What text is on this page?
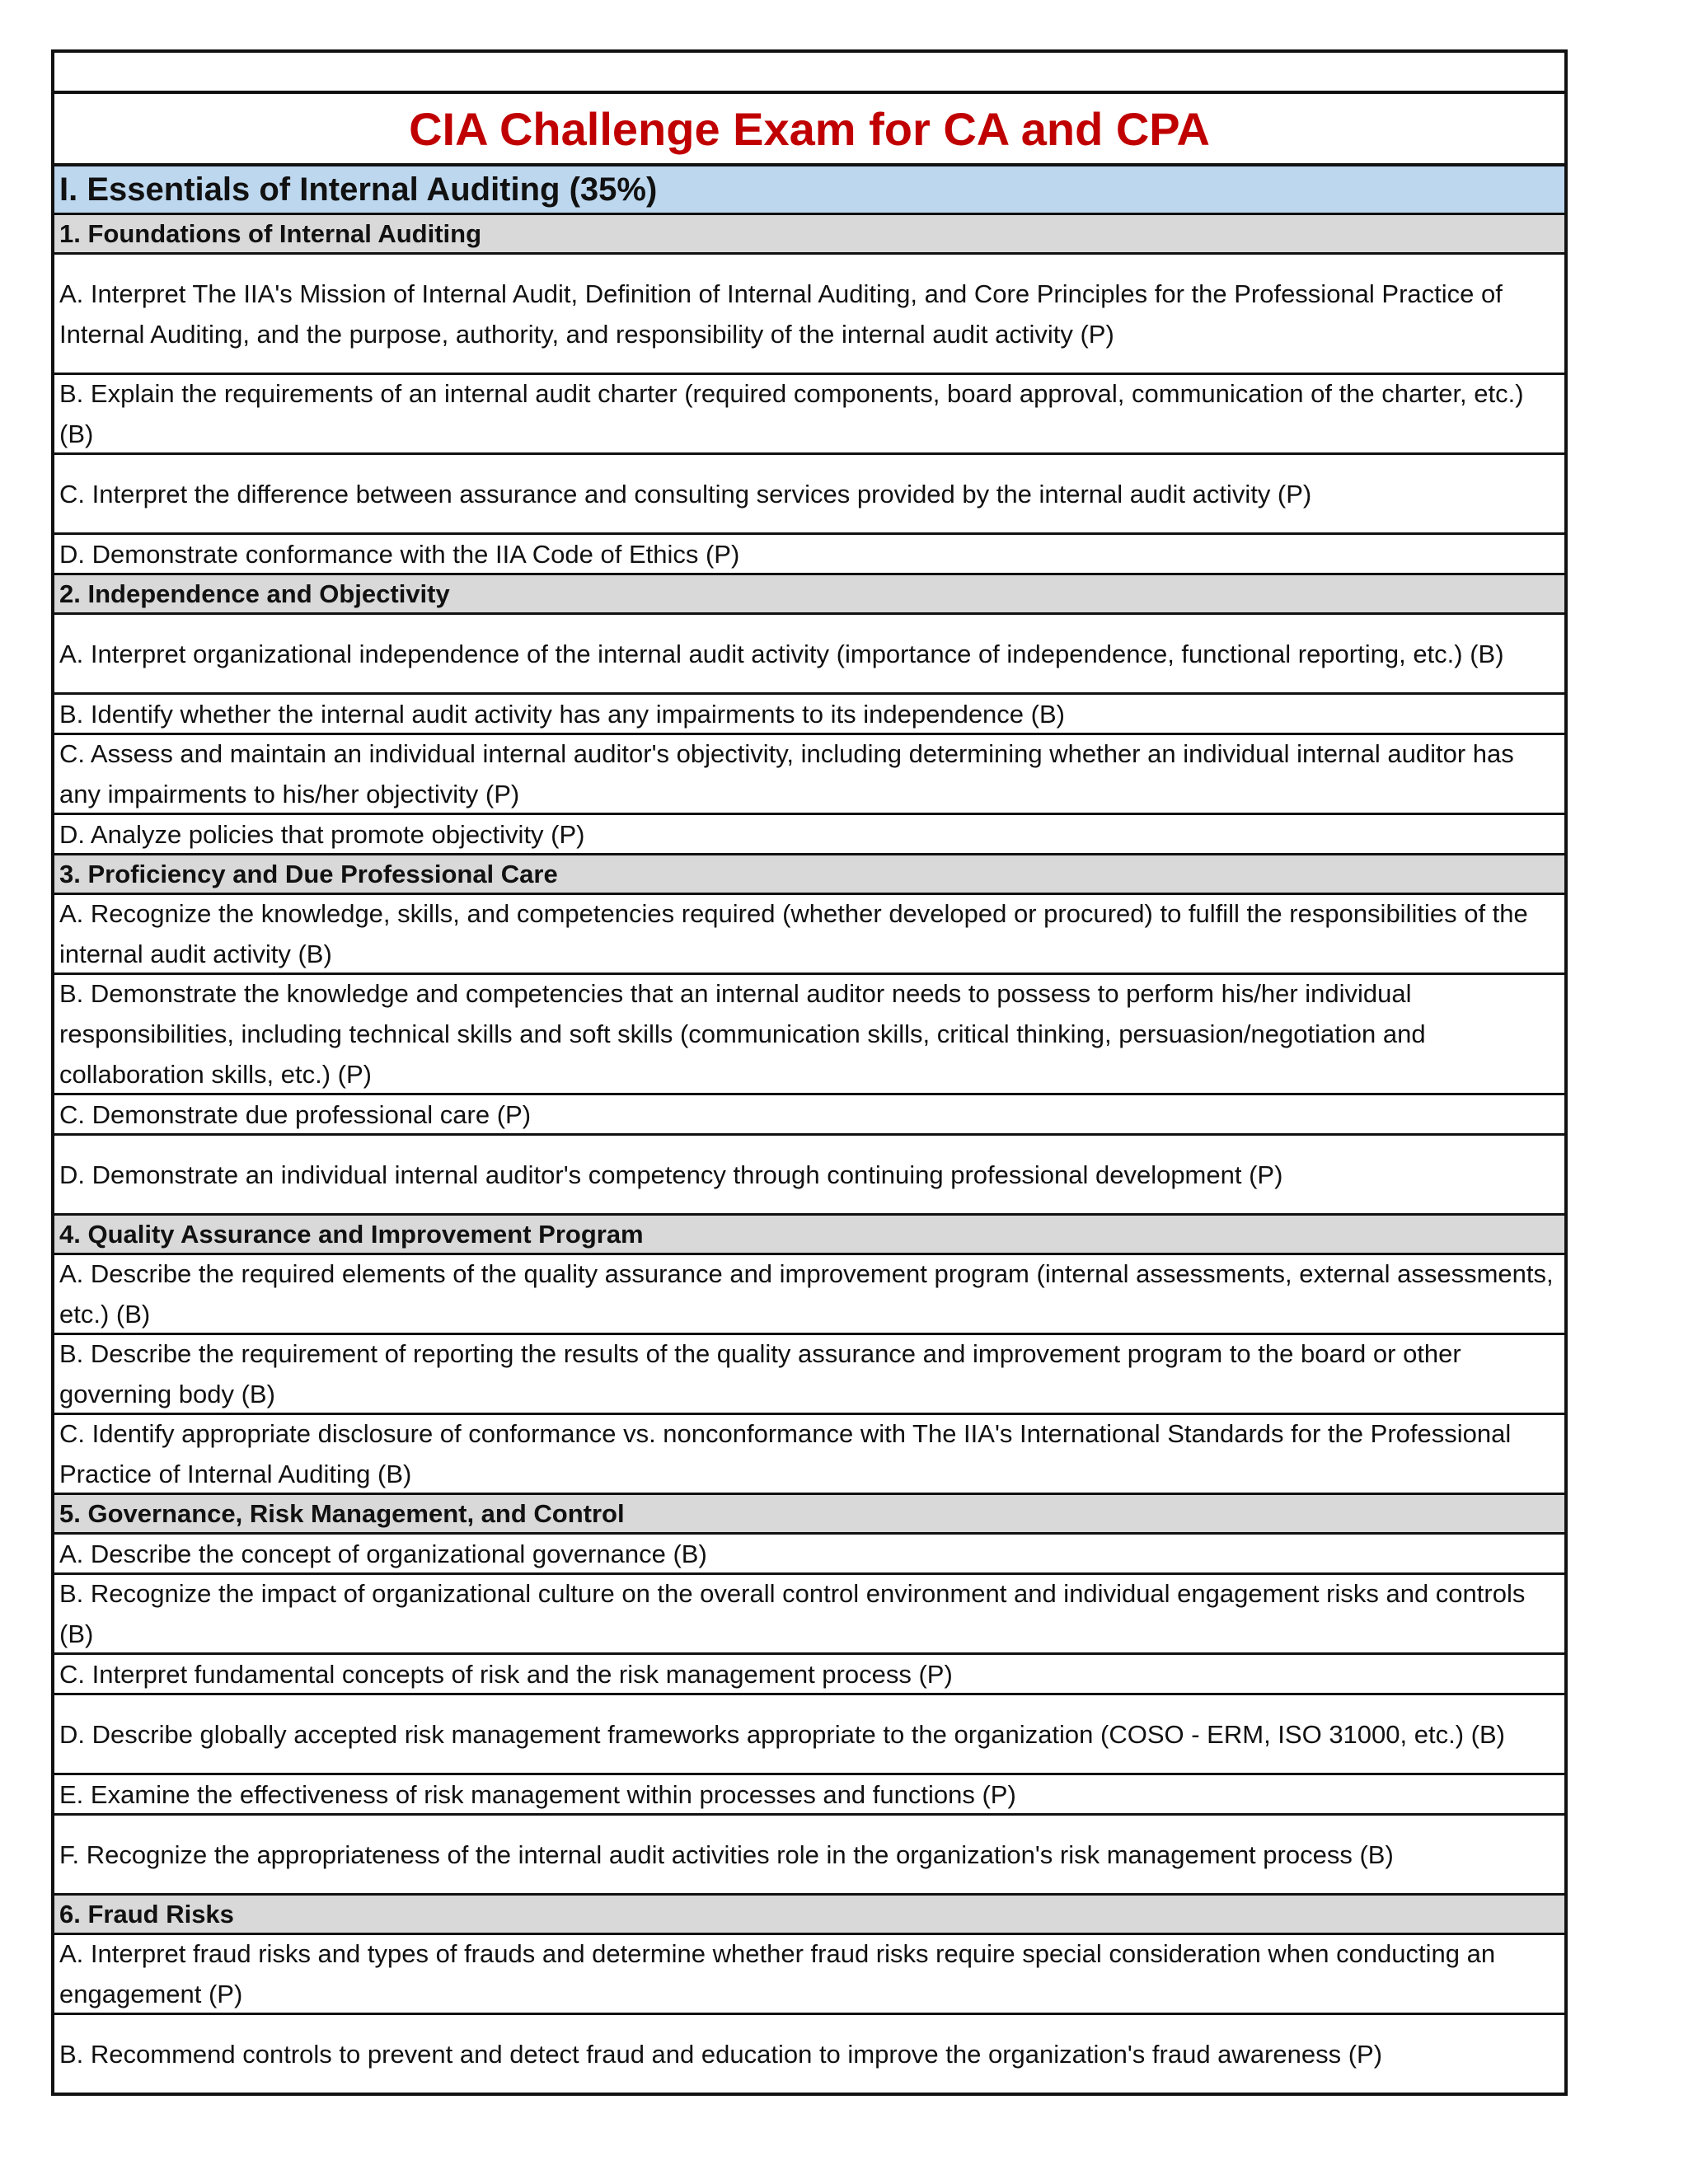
CIA Challenge Exam for CA and CPA
I. Essentials of Internal Auditing (35%)
1. Foundations of Internal Auditing
A. Interpret The IIA's Mission of Internal Audit, Definition of Internal Auditing, and Core Principles for the Professional Practice of Internal Auditing, and the purpose, authority, and responsibility of the internal audit activity (P)
B. Explain the requirements of an internal audit charter (required components, board approval, communication of the charter, etc.) (B)
C. Interpret the difference between assurance and consulting services provided by the internal audit activity (P)
D. Demonstrate conformance with the IIA Code of Ethics (P)
2. Independence and Objectivity
A. Interpret organizational independence of the internal audit activity (importance of independence, functional reporting, etc.) (B)
B. Identify whether the internal audit activity has any impairments to its independence (B)
C. Assess and maintain an individual internal auditor's objectivity, including determining whether an individual internal auditor has any impairments to his/her objectivity (P)
D. Analyze policies that promote objectivity (P)
3. Proficiency and Due Professional Care
A. Recognize the knowledge, skills, and competencies required (whether developed or procured) to fulfill the responsibilities of the internal audit activity (B)
B. Demonstrate the knowledge and competencies that an internal auditor needs to possess to perform his/her individual responsibilities, including technical skills and soft skills (communication skills, critical thinking, persuasion/negotiation and collaboration skills, etc.) (P)
C. Demonstrate due professional care (P)
D. Demonstrate an individual internal auditor's competency through continuing professional development (P)
4. Quality Assurance and Improvement Program
A. Describe the required elements of the quality assurance and improvement program (internal assessments, external assessments, etc.) (B)
B. Describe the requirement of reporting the results of the quality assurance and improvement program to the board or other governing body (B)
C. Identify appropriate disclosure of conformance vs. nonconformance with The IIA's International Standards for the Professional Practice of Internal Auditing (B)
5. Governance, Risk Management, and Control
A. Describe the concept of organizational governance (B)
B. Recognize the impact of organizational culture on the overall control environment and individual engagement risks and controls (B)
C. Interpret fundamental concepts of risk and the risk management process (P)
D. Describe globally accepted risk management frameworks appropriate to the organization (COSO - ERM, ISO 31000, etc.) (B)
E. Examine the effectiveness of risk management within processes and functions (P)
F. Recognize the appropriateness of the internal audit activities role in the organization's risk management process (B)
6. Fraud Risks
A. Interpret fraud risks and types of frauds and determine whether fraud risks require special consideration when conducting an engagement (P)
B. Recommend controls to prevent and detect fraud and education to improve the organization's fraud awareness (P)
